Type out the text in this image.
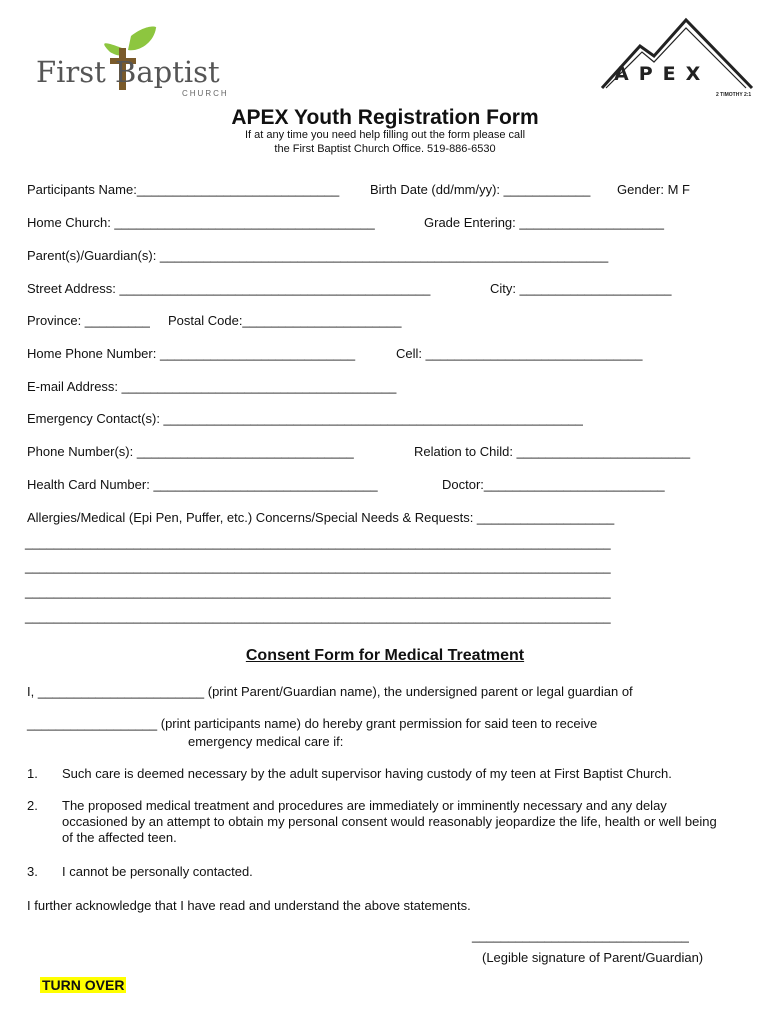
First Baptist
CHURCH
APEX
2 TIMOTHY 2:1
APEX Youth Registration Form
If at any time you need help filling out the form please call
the First Baptist Church Office. 519-886-6530
Participants Name:____________________________ Birth Date (dd/mm/yy): ____________ Gender: M F
Home Church: ____________________________________	Grade Entering: ____________________
Parent(s)/Guardian(s): ______________________________________________________________
Street Address: ___________________________________________	City: _____________________
Province: _________ Postal Code:______________________
Home Phone Number: ___________________________	Cell: ______________________________
E-mail Address: ______________________________________
Emergency Contact(s): __________________________________________________________
Phone Number(s): ______________________________	Relation to Child: ________________________
Health Card Number: _______________________________	Doctor:_________________________
Allergies/Medical (Epi Pen, Puffer, etc.) Concerns/Special Needs & Requests: ___________________
_________________________________________________________________________________
_________________________________________________________________________________
_________________________________________________________________________________
_________________________________________________________________________________
Consent Form for Medical Treatment
I, _______________________ (print Parent/Guardian name), the undersigned parent or legal guardian of
__________________ (print participants name) do hereby grant permission for said teen to receive
emergency medical care if:
1. Such care is deemed necessary by the adult supervisor having custody of my teen at First Baptist Church.
2. The proposed medical treatment and procedures are immediately or imminently necessary and any delay occasioned by an attempt to obtain my personal consent would reasonably jeopardize the life, health or well being of the affected teen.
3. I cannot be personally contacted.
I further acknowledge that I have read and understand the above statements.
______________________________
(Legible signature of Parent/Guardian)
TURN OVER
